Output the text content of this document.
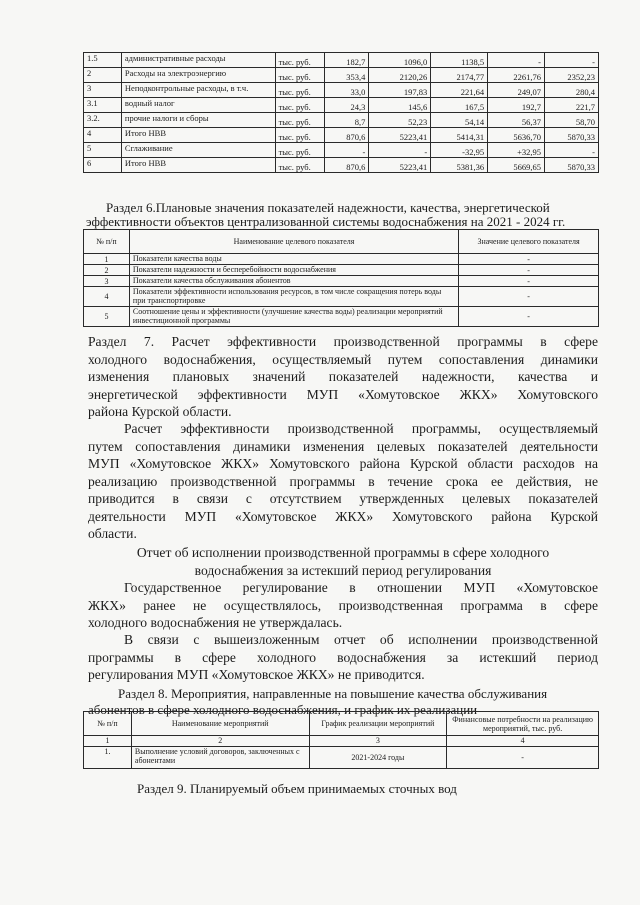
1.5	административные расходы	тыс. руб.	182,7	1096,0	1138,5	-	-
2	Расходы на электроэнергию	тыс. руб.	353,4	2120,26	2174,77	2261,76	2352,23
3	Неподконтрольные расходы, в т.ч.	тыс. руб.	33,0	197,83	221,64	249,07	280,4
3.1	водный налог	тыс. руб.	24,3	145,6	167,5	192,7	221,7
3.2.	прочие налоги и сборы	тыс. руб.	8,7	52,23	54,14	56,37	58,70
4	Итого НВВ	тыс. руб.	870,6	5223,41	5414,31	5636,70	5870,33
5	Сглаживание	тыс. руб.	-	-	-32,95	+32,95	-
6	Итого НВВ	тыс. руб.	870,6	5223,41	5381,36	5669,65	5870,33
Раздел 6.Плановые значения показателей надежности, качества, энергетической
эффективности объектов централизованной системы водоснабжения на 2021 - 2024 гг.
№ п/п	Наименование целевого показателя	Значение целевого показателя
1	Показатели качества воды	-
2	Показатели надежности и бесперебойности водоснабжения	-
3	Показатели качества обслуживания абонентов	-
4	Показатели эффективности использования ресурсов, в том числе сокращения потерь воды при транспортировке	-
5	Соотношение цены и эффективности (улучшение качества воды) реализации мероприятий инвестиционной программы	-
Раздел 7. Расчет эффективности производственной программы в сфере
холодного водоснабжения, осуществляемый путем сопоставления динамики
изменения плановых значений показателей надежности, качества и
энергетической эффективности МУП «Хомутовское ЖКХ» Хомутовского
района Курской области.
Расчет эффективности производственной программы, осуществляемый
путем сопоставления динамики изменения целевых показателей деятельности
МУП «Хомутовское ЖКХ» Хомутовского района Курской области расходов на
реализацию производственной программы в течение срока ее действия, не
приводится в связи с отсутствием утвержденных целевых показателей
деятельности МУП «Хомутовское ЖКХ» Хомутовского района Курской
области.
Отчет об исполнении производственной программы в сфере холодного
водоснабжения за истекший период регулирования
Государственное регулирование в отношении МУП «Хомутовское
ЖКХ» ранее не осуществлялось, производственная программа в сфере
холодного водоснабжения не утверждалась.
В связи с вышеизложенным отчет об исполнении производственной
программы в сфере холодного водоснабжения за истекший период
регулирования МУП «Хомутовское ЖКХ» не приводится.
Раздел 8. Мероприятия, направленные на повышение качества обслуживания
абонентов в сфере холодного водоснабжения, и график их реализации
№ п/п	Наименование мероприятий	График реализации мероприятий	Финансовые потребности на реализацию мероприятий, тыс. руб.
1	2	3	4
1.	Выполнение условий договоров, заключенных с абонентами	2021-2024 годы	-
Раздел 9. Планируемый объем принимаемых сточных вод
